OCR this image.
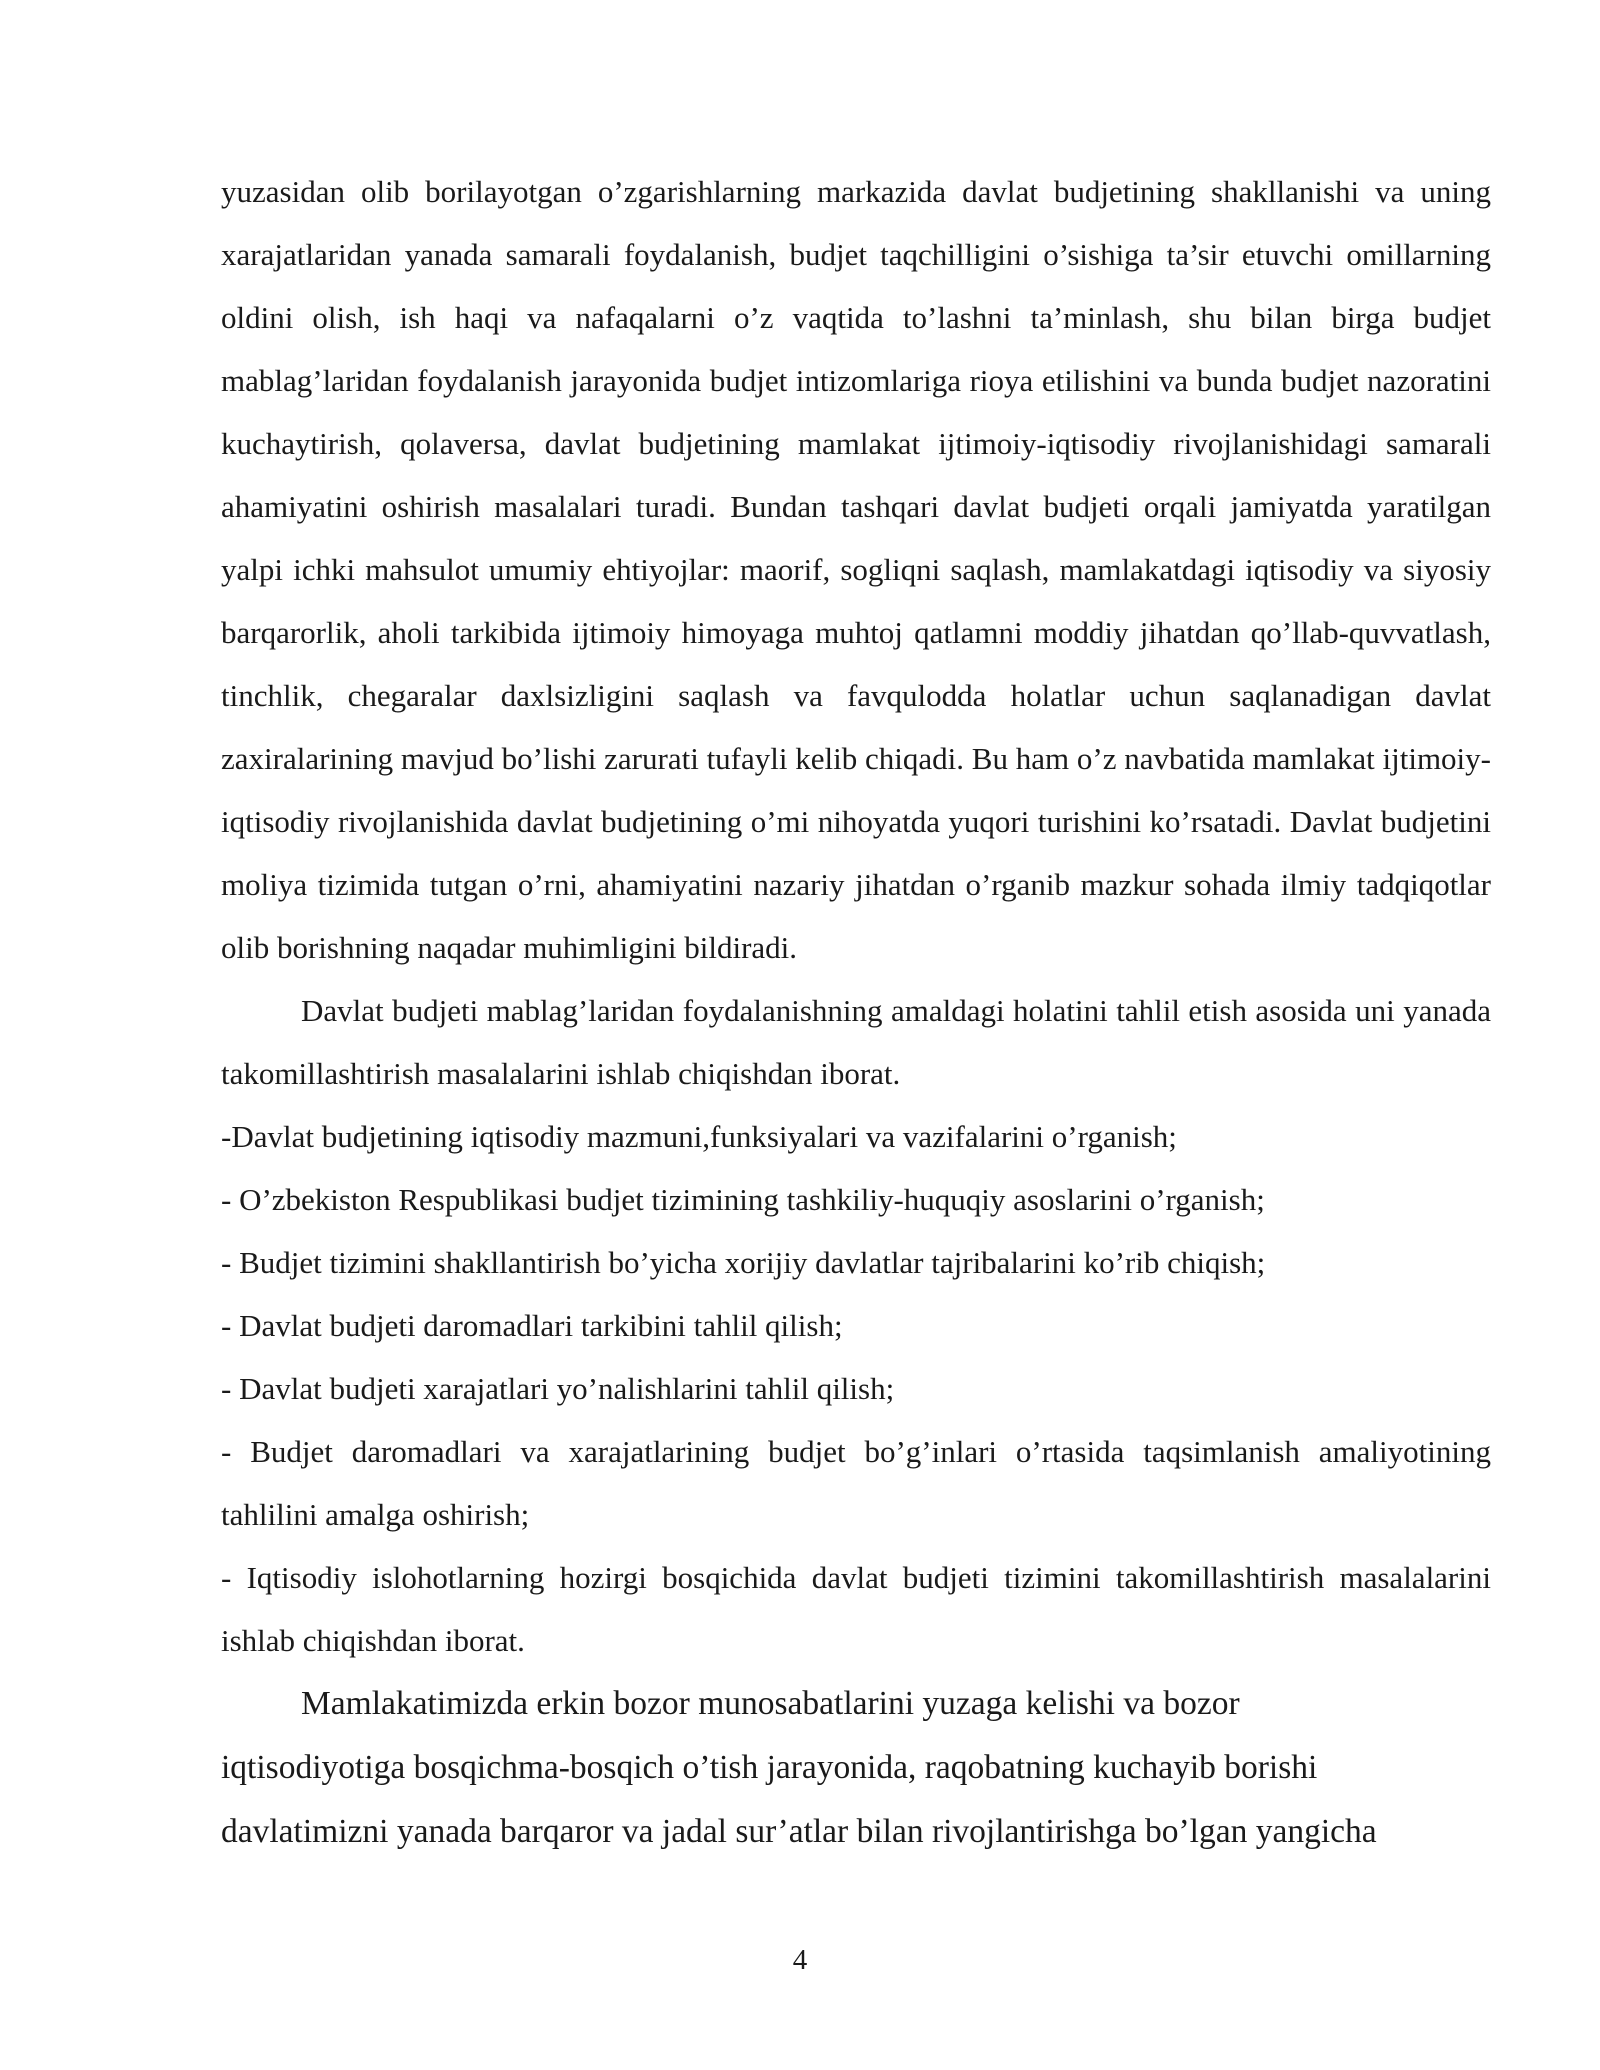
yuzasidan olib borilayotgan o’zgarishlarning markazida davlat budjetining shakllanishi va uning xarajatlaridan yanada samarali foydalanish, budjet taqchilligini o’sishiga ta’sir etuvchi omillarning oldini olish, ish haqi va nafaqalarni o’z vaqtida to’lashni ta’minlash, shu bilan birga budjet mablag’laridan foydalanish jarayonida budjet intizomlariga rioya etilishini va bunda budjet nazoratini kuchaytirish, qolaversa, davlat budjetining mamlakat ijtimoiy-iqtisodiy rivojlanishidagi samarali ahamiyatini oshirish masalalari turadi. Bundan tashqari davlat budjeti orqali jamiyatda yaratilgan yalpi ichki mahsulot umumiy ehtiyojlar: maorif, sogliqni saqlash, mamlakatdagi iqtisodiy va siyosiy barqarorlik, aholi tarkibida ijtimoiy himoyaga muhtoj qatlamni moddiy jihatdan qo’llab-quvvatlash, tinchlik, chegaralar daxlsizligini saqlash va favqulodda holatlar uchun saqlanadigan davlat zaxiralarining mavjud bo’lishi zarurati tufayli kelib chiqadi. Bu ham o’z navbatida mamlakat ijtimoiy-iqtisodiy rivojlanishida davlat budjetining o’mi nihoyatda yuqori turishini ko’rsatadi. Davlat budjetini moliya tizimida tutgan o’rni, ahamiyatini nazariy jihatdan o’rganib mazkur sohada ilmiy tadqiqotlar olib borishning naqadar muhimligini bildiradi.

Davlat budjeti mablag’laridan foydalanishning amaldagi holatini tahlil etish asosida uni yanada takomillashtirish masalalarini ishlab chiqishdan iborat.

-Davlat budjetining iqtisodiy mazmuni,funksiyalari va vazifalarini o’rganish;

- O’zbekiston Respublikasi budjet tizimining tashkiliy-huquqiy asoslarini o’rganish;

- Budjet tizimini shakllantirish bo’yicha xorijiy davlatlar tajribalarini ko’rib chiqish;

- Davlat budjeti daromadlari tarkibini tahlil qilish;

- Davlat budjeti xarajatlari yo’nalishlarini tahlil qilish;

- Budjet daromadlari va xarajatlarining budjet bo’g’inlari o’rtasida taqsimlanish amaliyotining tahlilini amalga oshirish;

- Iqtisodiy islohotlarning hozirgi bosqichida davlat budjeti tizimini takomillashtirish masalalarini ishlab chiqishdan iborat.

Mamlakatimizda erkin bozor munosabatlarini yuzaga kelishi va bozor

iqtisodiyotiga bosqichma-bosqich o’tish jarayonida, raqobatning kuchayib borishi

davlatimizni yanada barqaror va jadal sur’atlar bilan rivojlantirishga bo’lgan yangicha

4
